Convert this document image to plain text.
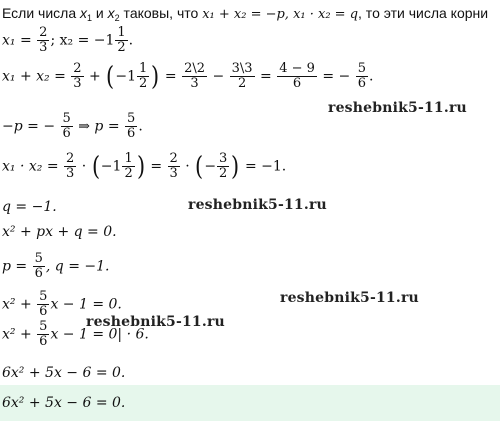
Если числа $x_1$ и $x_2$ таковы, что x₁ + x₂ = −p, x₁ · x₂ = q, то эти числа корни
$x_1 = \frac{2}{3}$ ; $x_2 = -1 \frac{1}{2}$ .
$x_1 + x_2 = \frac{2}{3} + (-1 \frac{1}{2}$ ) = $\frac{2\backslash 2}{3} - \frac{3\backslash 3}{2} = \frac{4 - 9}{6}$ = − $\frac{5}{6}$ .
−p = − $\frac{5}{6}$ ⇒ $p = \frac{5}{6}$ .
$x_1 \cdot x_2 = \frac{2}{3} \cdot (-1 \frac{1}{2}$ ) = $\frac{2}{3}$ · (− $\frac{3}{2}$ ) = −1.
q = −1.
x² + px + q = 0.
$p = \frac{5}{6}$ , q = −1.
$x^2 + \frac{5}{6}$ x − 1 = 0.
$x^2 + \frac{5}{6}$ x − 1 = 0| · 6.
6x² + 5x − 6 = 0.
6x² + 5x − 6 = 0.
reshebnik5-11.ru
reshebnik5-11.ru
reshebnik5-11.ru
reshebnik5-11.ru
